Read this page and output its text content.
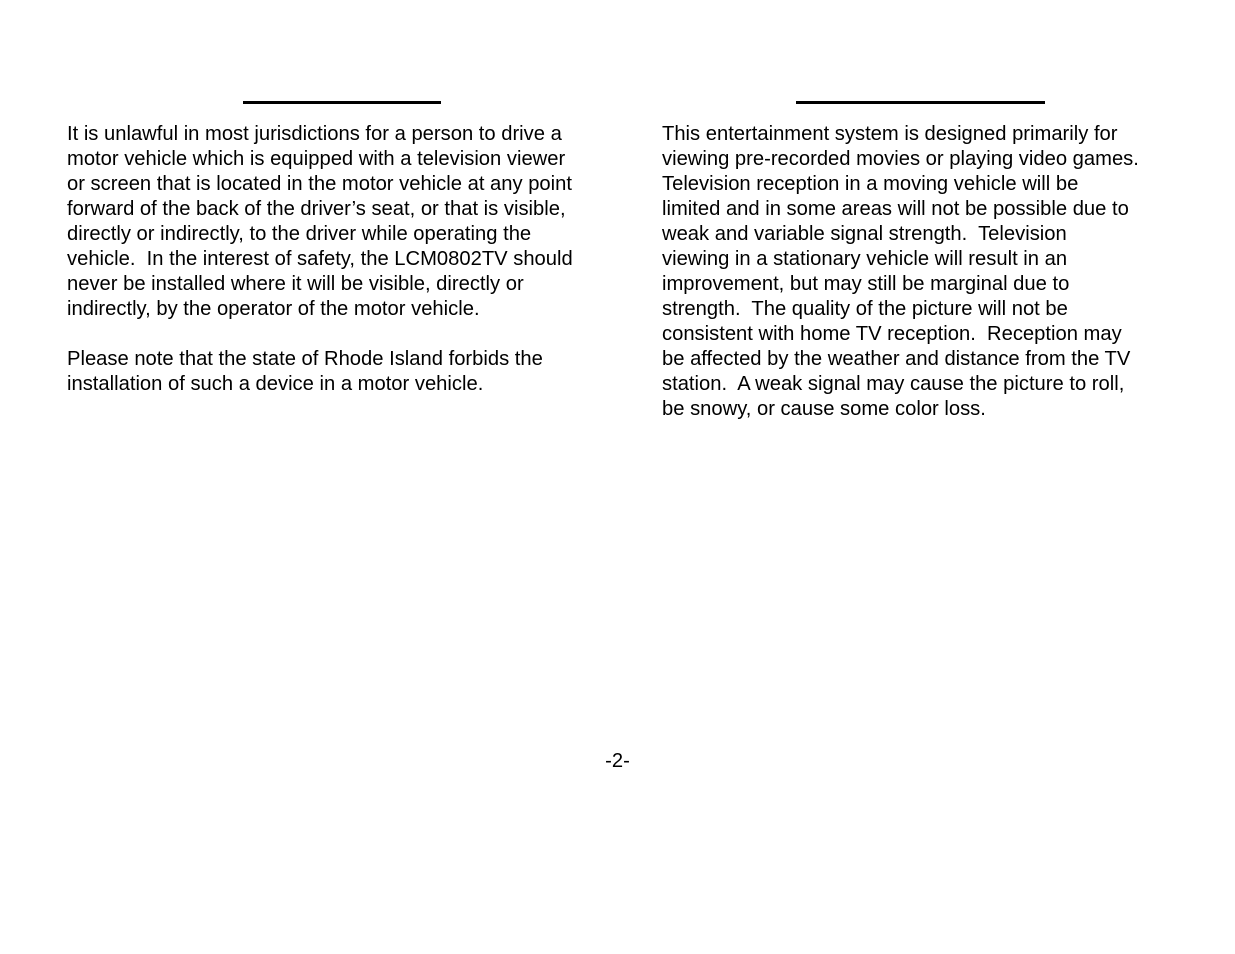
It is unlawful in most jurisdictions for a person to drive a
motor vehicle which is equipped with a television viewer
or screen that is located in the motor vehicle at any point
forward of the back of the driver’s seat, or that is visible,
directly or indirectly, to the driver while operating the
vehicle.  In the interest of safety, the LCM0802TV should
never be installed where it will be visible, directly or
indirectly, by the operator of the motor vehicle.
Please note that the state of Rhode Island forbids the
installation of such a device in a motor vehicle.
This entertainment system is designed primarily for
viewing pre-recorded movies or playing video games.
Television reception in a moving vehicle will be
limited and in some areas will not be possible due to
weak and variable signal strength.  Television
viewing in a stationary vehicle will result in an
improvement, but may still be marginal due to
strength.  The quality of the picture will not be
consistent with home TV reception.  Reception may
be affected by the weather and distance from the TV
station.  A weak signal may cause the picture to roll,
be snowy, or cause some color loss.
-2-
